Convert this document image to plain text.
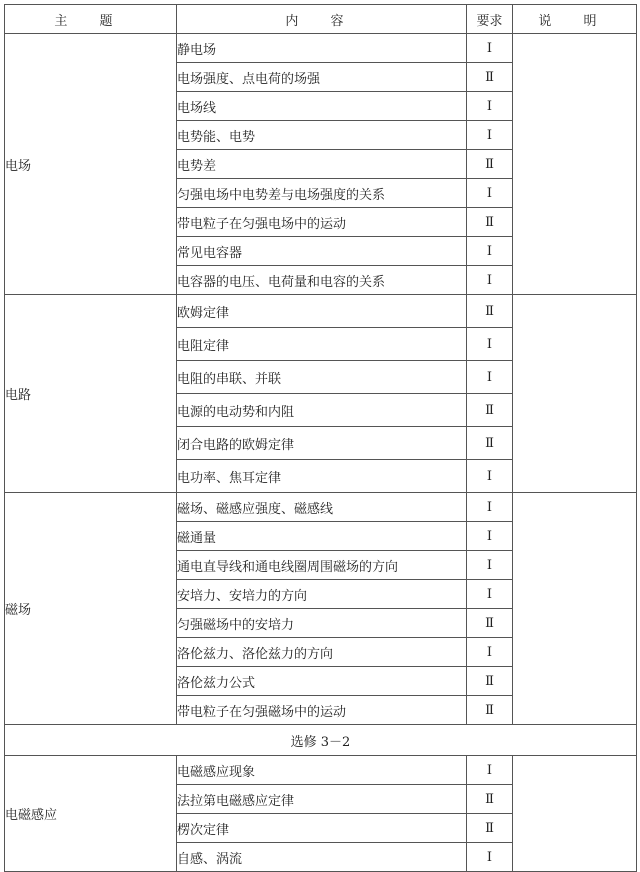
主 题	内 容	要求	说 明
电场	静电场	Ⅰ	
	电场强度、点电荷的场强	Ⅱ	
	电场线	Ⅰ	
	电势能、电势	Ⅰ	
	电势差	Ⅱ	
	匀强电场中电势差与电场强度的关系	Ⅰ	
	带电粒子在匀强电场中的运动	Ⅱ	
	常见电容器	Ⅰ	
	电容器的电压、电荷量和电容的关系	Ⅰ	
电路	欧姆定律	Ⅱ	
	电阻定律	Ⅰ	
	电阻的串联、并联	Ⅰ	
	电源的电动势和内阻	Ⅱ	
	闭合电路的欧姆定律	Ⅱ	
	电功率、焦耳定律	Ⅰ	
磁场	磁场、磁感应强度、磁感线	Ⅰ	
	磁通量	Ⅰ	
	通电直导线和通电线圈周围磁场的方向	Ⅰ	
	安培力、安培力的方向	Ⅰ	
	匀强磁场中的安培力	Ⅱ	
	洛伦兹力、洛伦兹力的方向	Ⅰ	
	洛伦兹力公式	Ⅱ	
	带电粒子在匀强磁场中的运动	Ⅱ	
选修 3－2			
电磁感应	电磁感应现象	Ⅰ	
	法拉第电磁感应定律	Ⅱ	
	楞次定律	Ⅱ	
	自感、涡流	Ⅰ	
